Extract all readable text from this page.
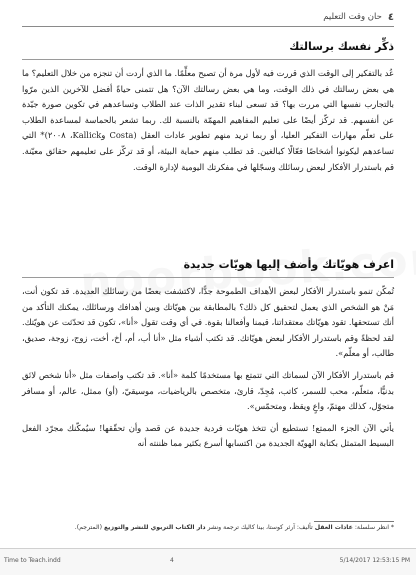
٤
حان وقت التعليم
ذكِّر نفسك برسالتك

عُد بالتفكير إلى الوقت الذي قررت فيه لأول مرة أن تصبح معلِّمًا. ما الذي أردت أن تنجزه من خلال التعليم؟ ما هي بعض رسالتك في ذلك الوقت، وما هي بعض رسالتك الآن؟ هل تتمنى حياةً أفضل للآخرين الذين مرّوا بالتجارب نفسها التي مررت بها؟ قد تسعى لبناء تقدير الذات عند الطلاب وتساعدهم في تكوين صورة جيّدة عن أنفسهم. قد تركّز أيضًا على تعليم المفاهيم المهمّة بالنسبة لك. ربما تشعر بالحماسة لمساعدة الطلاب على تعلّم مهارات التفكير العليا، أو ربما تريد منهم تطوير عادات العقل (Costa وKallick، ٢٠٠٨)* التي تساعدهم ليكونوا أشخاصًا فعّالًا كبالغين. قد تطلب منهم حماية البيئة، أو قد تركّز على تعليمهم حقائق معيّنة. قم باستدرار الأفكار لبعض رسائلك وسجّلها في مفكرتك اليومية لإدارة الوقت.

اعرف هويّاتك وأضف إليها هويّات جديدة

تُمكّن تنمو باستدرار الأفكار لبعض الأهداف الطموحة جدًّا، لاكتشفت بعضًا من رسائلك العديدة. قد تكون أنت، مَنْ هو الشخص الذي يعمل لتحقيق كل ذلك؟ بالمطابقة بين هويّاتك وبين أهدافك ورسائلك، يمكنك التأكد من أنك تستحقها. تقود هويّاتك معتقداتنا، قيمنا وأفعالنا بقوة. في أي وقت تقول «أنا»، تكون قد تحدّثت عن هويّتك. لقد لحظةً وقم باستدرار الأفكار لبعض هويّاتك. قد تكتب أشياء مثل «أنا أب، أم، أخ، أخت، زوج، زوجة، صديق، طالب، أو معلّم».

قم باستدرار الأفكار الآن لسماتك التي تتمتع بها مستخدمًا كلمة «أنا». قد تكتب واصفات مثل «أنا شخص لائق بدنيًّا، متعلّم، محب للسمر، كاتب، مُجِدّ، قارئ، متخصص بالرياضيات، موسيقيّ، (أو) ممثل، عالم، أو مسافر متجوّل، كذلك مهتمّ، واعٍ ويقظ، ومتحمّس».

يأتي الآن الجزء الممتع! تستطيع أن تتخذ هويّات فردية جديدة عن قصد وأن تحقّقها! سيُمكّنك مجرّد الفعل البسيط المتمثل بكتابة الهويّة الجديدة من اكتسابها أسرع بكثير مما ظننته أنه

* انظر سلسلة: عادات العقل تأليف: آرثر كوستا، بينا كاليك ترجمة ونشر دار الكتاب التربوي للنشر والتوزيع (المترجم).
Time to Teach.indd	4	5/14/2017 12:53:15 PM
